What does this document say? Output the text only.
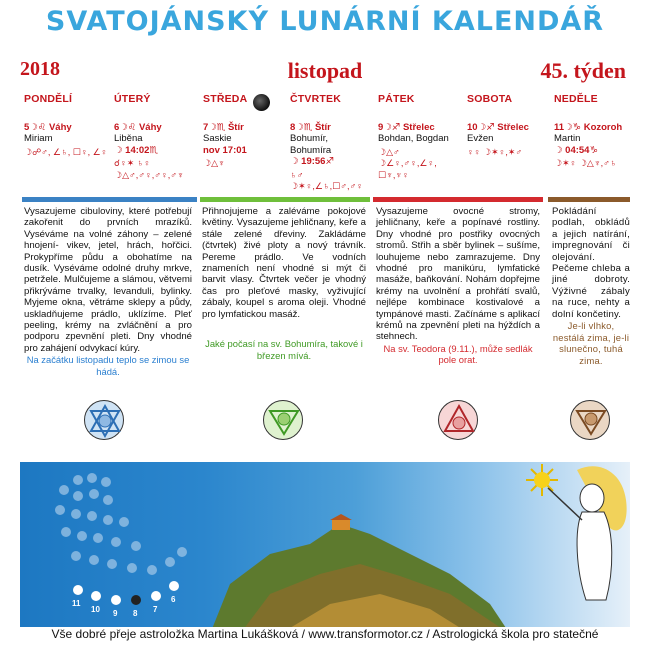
SVATOJÁNSKÝ LUNÁRNÍ KALENDÁŘ
2018	listopad	45. týden
PONDĚLÍ
5☽♌ Váhy
Miriam
☽☍♂, ∠♄, ☐♀, ∠♀
ÚTERÝ
6☽♌ Váhy
Liběna
☽ 14:02♏
☌♀✶ ♄♀ ☽△♂,♂♀,♂♀,♂♆
STŘEDA
7☽♏ Štír
Saskie
nov 17:01
☽△♆
ČTVRTEK
8☽♏ Štír
Bohumír, Bohumíra
☽ 19:56♐
♄♂ ☽✶♀,∠♄,☐♂,♂♀
PÁTEK
9☽♐ Střelec
Bohdan, Bogdan
☽△♂ ☽∠♀,♂♀,∠♀, ☐♆,♆♀
SOBOTA
10☽♐ Střelec
Evžen
♀♀ ☽✶♀,✶♂
NEDĚLE
11☽♑ Kozoroh
Martin
☽ 04:54♑
☽✶♀ ☽△♆,♂♄

Vysazujeme cibuloviny, které potřebují zakořenit do prvních mrazíků. Vyséváme na volné záhony – zelené hnojení- vikev, jetel, hrách, hořčici. Prokypříme půdu a obohatíme na dusík. Vyséváme odolné druhy mrkve, petržele. Mulčujeme a slámou, větvemi přikrýváme trvalky, levanduli, bylinky. Myjeme okna, větráme sklepy a půdy, uskladňujeme prádlo, uklízíme. Pleť peeling, krémy na zvláčnění a pro podporu zpevnění pleti. Dny vhodné pro zahájení odvykací kúry.

Na začátku listopadu teplo se zimou se hádá.

Přihnojujeme a zaléváme pokojové květiny. Vysazujeme jehličnany, keře a stále zelené dřeviny. Zakládáme (čtvrtek) živé ploty a nový trávník. Pereme prádlo. Ve vodních znameních není vhodné si mýt či barvit vlasy. Čtvrtek večer je vhodný čas pro pleťové masky, vyživující zábaly, koupel s aroma oleji. Vhodné pro lymfatickou masáž.

Jaké počasí na sv. Bohumíra, takové i březen mívá.

Vysazujeme ovocné stromy, jehličnany, keře a popínavé rostliny. Dny vhodné pro postřiky ovocných stromů. Střih a sběr bylinek – sušíme, louhujeme nebo zamrazujeme. Dny vhodné pro manikúru, lymfatické masáže, baňkování. Nohám dopřejme krémy na uvolnění a prohřátí svalů, nejlépe kombinace kostivalové a tympánové masti. Začínáme s aplikací krémů na zpevnění pleti na hýždích a stehnech.

Na sv. Teodora (9.11.), může sedlák pole orat.

Pokládání podlah, obkládů a jejich natírání, impregnování či olejování. Pečeme chleba a jiné dobroty. Výživné zábaly na ruce, nehty a dolní končetiny.

Je-li vlhko, nestálá zima, je-li slunečno, tuhá zima.

11
10 9 8 7
6
Vše dobré přeje astroložka Martina Lukášková / www.transformotor.cz / Astrologická škola pro statečné
